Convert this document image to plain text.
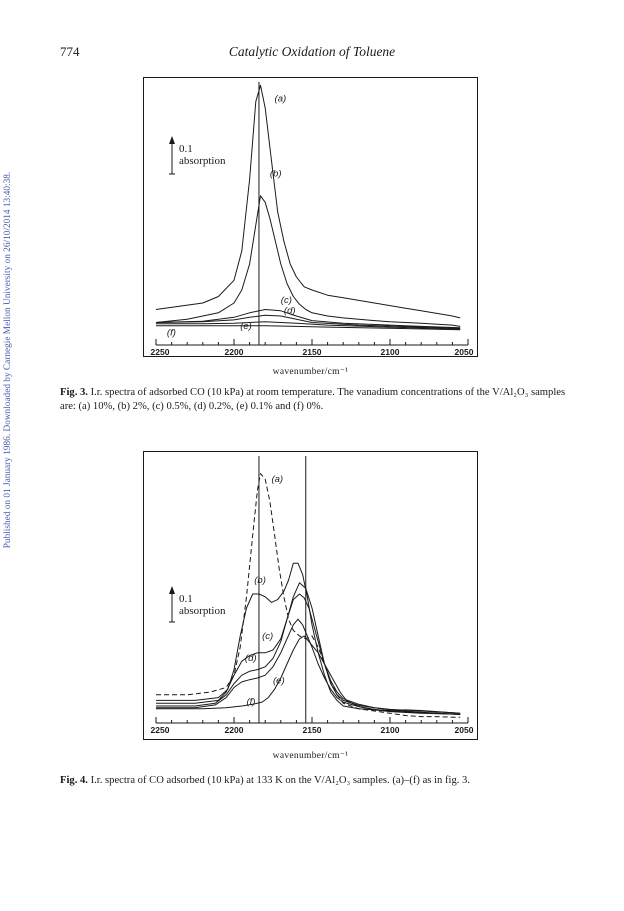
774	Catalytic Oxidation of Toluene
Published on 01 January 1986. Downloaded by Carnegie Mellon University on 26/10/2014 13:40:38.	2250	2200	2150	2100	2050
(a)
(b)
(c)
(d)
(e)
(f)
0.1
absorption
wavenumber/cm⁻¹
Fig. 3. I.r. spectra of adsorbed CO (10 kPa) at room temperature. The vanadium concentrations of the V/Al₂O₃ samples are: (a) 10%, (b) 2%, (c) 0.5%, (d) 0.2%, (e) 0.1% and (f) 0%.
2250	2200	2150	2100	2050
(a)
(b)
(c)
(d)
(e)
(f)
0.1
absorption
wavenumber/cm⁻¹
Fig. 4. I.r. spectra of CO adsorbed (10 kPa) at 133 K on the V/Al₂O₃ samples. (a)–(f) as in fig. 3.
